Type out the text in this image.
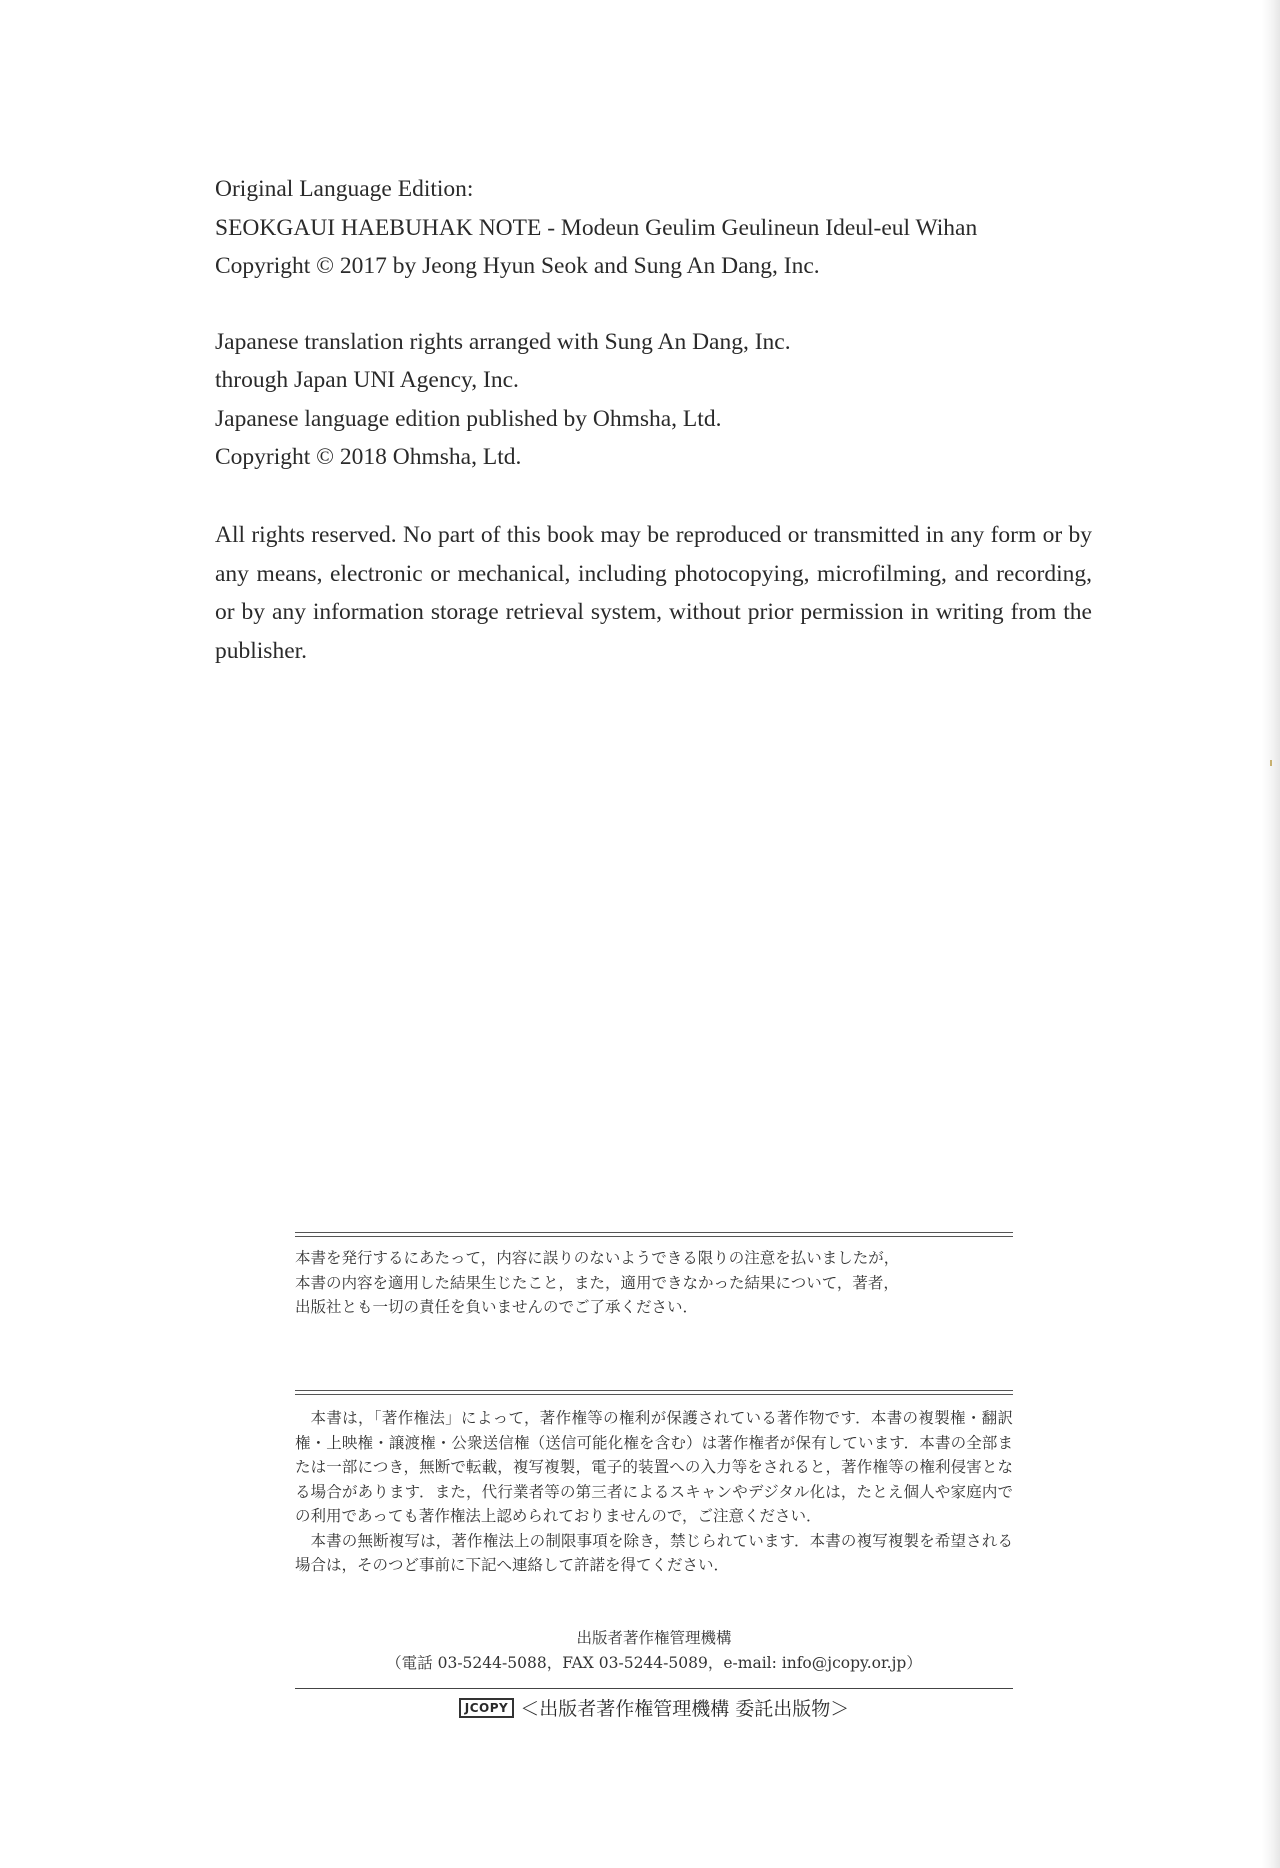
Original Language Edition:

SEOKGAUI HAEBUHAK NOTE - Modeun Geulim Geulineun Ideul-eul Wihan

Copyright © 2017 by Jeong Hyun Seok and Sung An Dang, Inc.

Japanese translation rights arranged with Sung An Dang, Inc.

through Japan UNI Agency, Inc.

Japanese language edition published by Ohmsha, Ltd.

Copyright © 2018 Ohmsha, Ltd.

All rights reserved. No part of this book may be reproduced or transmitted in any form or by any means, electronic or mechanical, including photocopying, microfilming, and recording, or by any information storage retrieval system, without prior permission in writing from the publisher.

本書を発行するにあたって，内容に誤りのないようできる限りの注意を払いましたが，

本書の内容を適用した結果生じたこと，また，適用できなかった結果について，著者，

出版社とも一切の責任を負いませんのでご了承ください．

本書は，「著作権法」によって，著作権等の権利が保護されている著作物です．本書の複製権・翻訳権・上映権・譲渡権・公衆送信権（送信可能化権を含む）は著作権者が保有しています．本書の全部または一部につき，無断で転載，複写複製，電子的装置への入力等をされると，著作権等の権利侵害となる場合があります．また，代行業者等の第三者によるスキャンやデジタル化は，たとえ個人や家庭内での利用であっても著作権法上認められておりませんので，ご注意ください．

本書の無断複写は，著作権法上の制限事項を除き，禁じられています．本書の複写複製を希望される場合は，そのつど事前に下記へ連絡して許諾を得てください．

出版者著作権管理機構
（電話 03-5244-5088，FAX 03-5244-5089，e-mail: info@jcopy.or.jp）
JCOPY ＜出版者著作権管理機構 委託出版物＞
